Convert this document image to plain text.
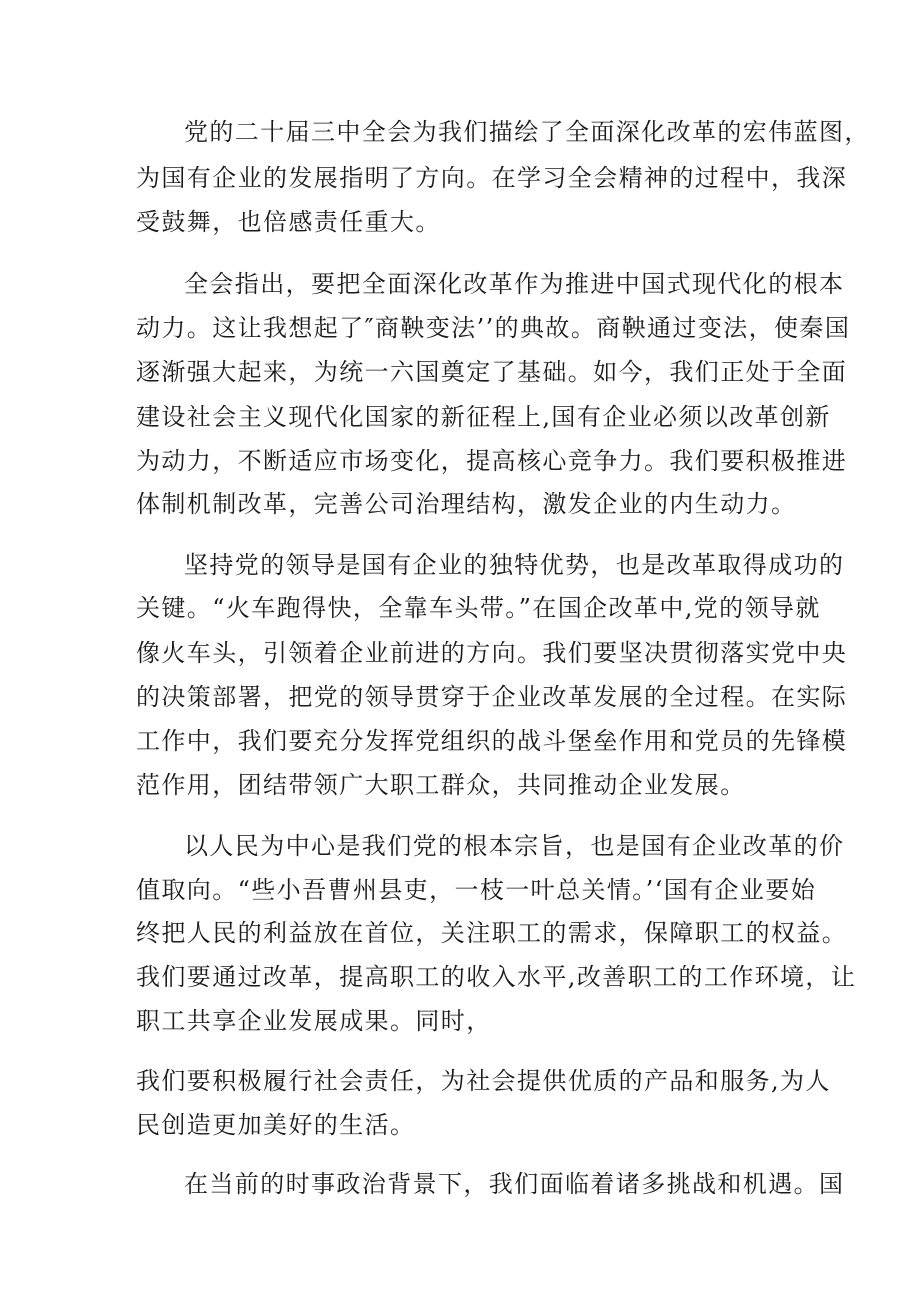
党的二十届三中全会为我们描绘了全面深化改革的宏伟蓝图，
为国有企业的发展指明了方向。在学习全会精神的过程中，我深
受鼓舞，也倍感责任重大。
全会指出，要把全面深化改革作为推进中国式现代化的根本
动力。这让我想起了″商鞅变法’’的典故。商鞅通过变法，使秦国
逐渐强大起来，为统一六国奠定了基础。如今，我们正处于全面
建设社会主义现代化国家的新征程上,国有企业必须以改革创新
为动力，不断适应市场变化，提高核心竞争力。我们要积极推进
体制机制改革，完善公司治理结构，激发企业的内生动力。
坚持党的领导是国有企业的独特优势，也是改革取得成功的
关键。“火车跑得快，全靠车头带。”在国企改革中,党的领导就
像火车头，引领着企业前进的方向。我们要坚决贯彻落实党中央
的决策部署，把党的领导贯穿于企业改革发展的全过程。在实际
工作中，我们要充分发挥党组织的战斗堡垒作用和党员的先锋模
范作用，团结带领广大职工群众，共同推动企业发展。
以人民为中心是我们党的根本宗旨，也是国有企业改革的价
值取向。“些小吾曹州县吏，一枝一叶总关情。’‘国有企业要始
终把人民的利益放在首位，关注职工的需求，保障职工的权益。
我们要通过改革，提高职工的收入水平,改善职工的工作环境，让
职工共享企业发展成果。同时，
我们要积极履行社会责任，为社会提供优质的产品和服务,为人
民创造更加美好的生活。
在当前的时事政治背景下，我们面临着诸多挑战和机遇。国
